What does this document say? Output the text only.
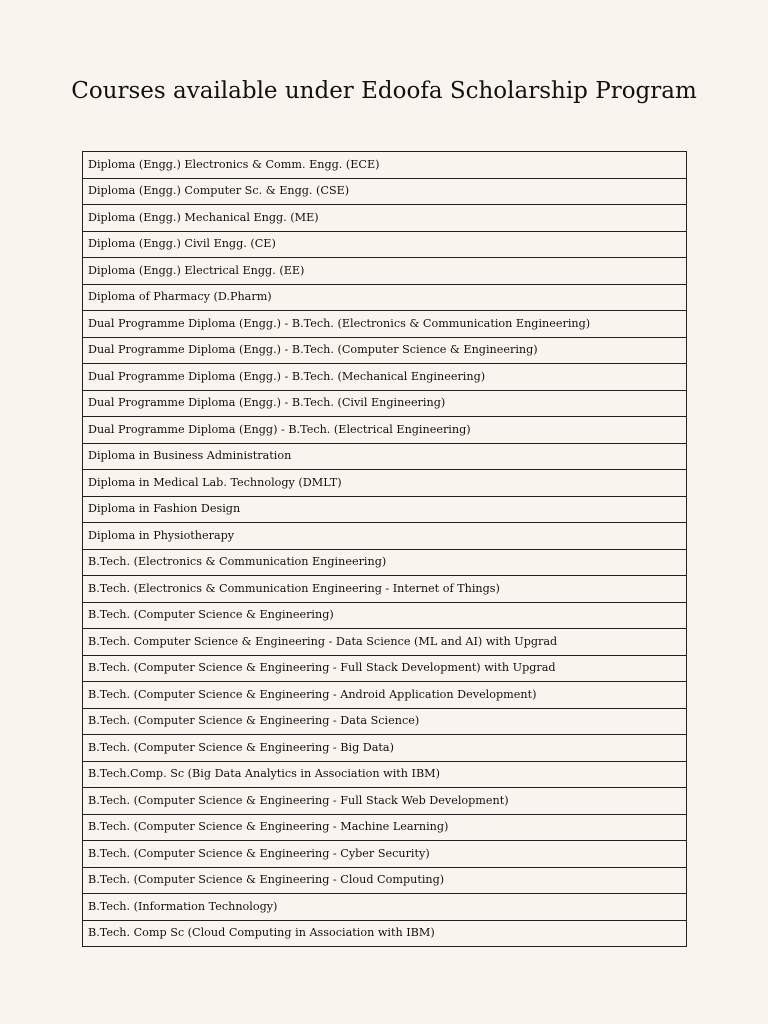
Courses available under Edoofa Scholarship Program
Diploma (Engg.) Electronics & Comm. Engg. (ECE)
Diploma (Engg.) Computer Sc. & Engg. (CSE)
Diploma (Engg.) Mechanical Engg. (ME)
Diploma (Engg.) Civil Engg. (CE)
Diploma (Engg.) Electrical Engg. (EE)
Diploma of Pharmacy (D.Pharm)
Dual Programme Diploma (Engg.) - B.Tech. (Electronics & Communication Engineering)
Dual Programme Diploma (Engg.) - B.Tech. (Computer Science & Engineering)
Dual Programme Diploma (Engg.) - B.Tech. (Mechanical Engineering)
Dual Programme Diploma (Engg.) - B.Tech. (Civil Engineering)
Dual Programme Diploma (Engg) - B.Tech. (Electrical Engineering)
Diploma in Business Administration
Diploma in Medical Lab. Technology (DMLT)
Diploma in Fashion Design
Diploma in Physiotherapy
B.Tech. (Electronics & Communication Engineering)
B.Tech. (Electronics & Communication Engineering - Internet of Things)
B.Tech. (Computer Science & Engineering)
B.Tech. Computer Science & Engineering - Data Science (ML and AI) with Upgrad
B.Tech. (Computer Science & Engineering - Full Stack Development) with Upgrad
B.Tech. (Computer Science & Engineering - Android Application Development)
B.Tech. (Computer Science & Engineering - Data Science)
B.Tech. (Computer Science & Engineering - Big Data)
B.Tech.Comp. Sc (Big Data Analytics in Association with IBM)
B.Tech. (Computer Science & Engineering - Full Stack Web Development)
B.Tech. (Computer Science & Engineering - Machine Learning)
B.Tech. (Computer Science & Engineering - Cyber Security)
B.Tech. (Computer Science & Engineering - Cloud Computing)
B.Tech. (Information Technology)
B.Tech. Comp Sc (Cloud Computing in Association with IBM)
